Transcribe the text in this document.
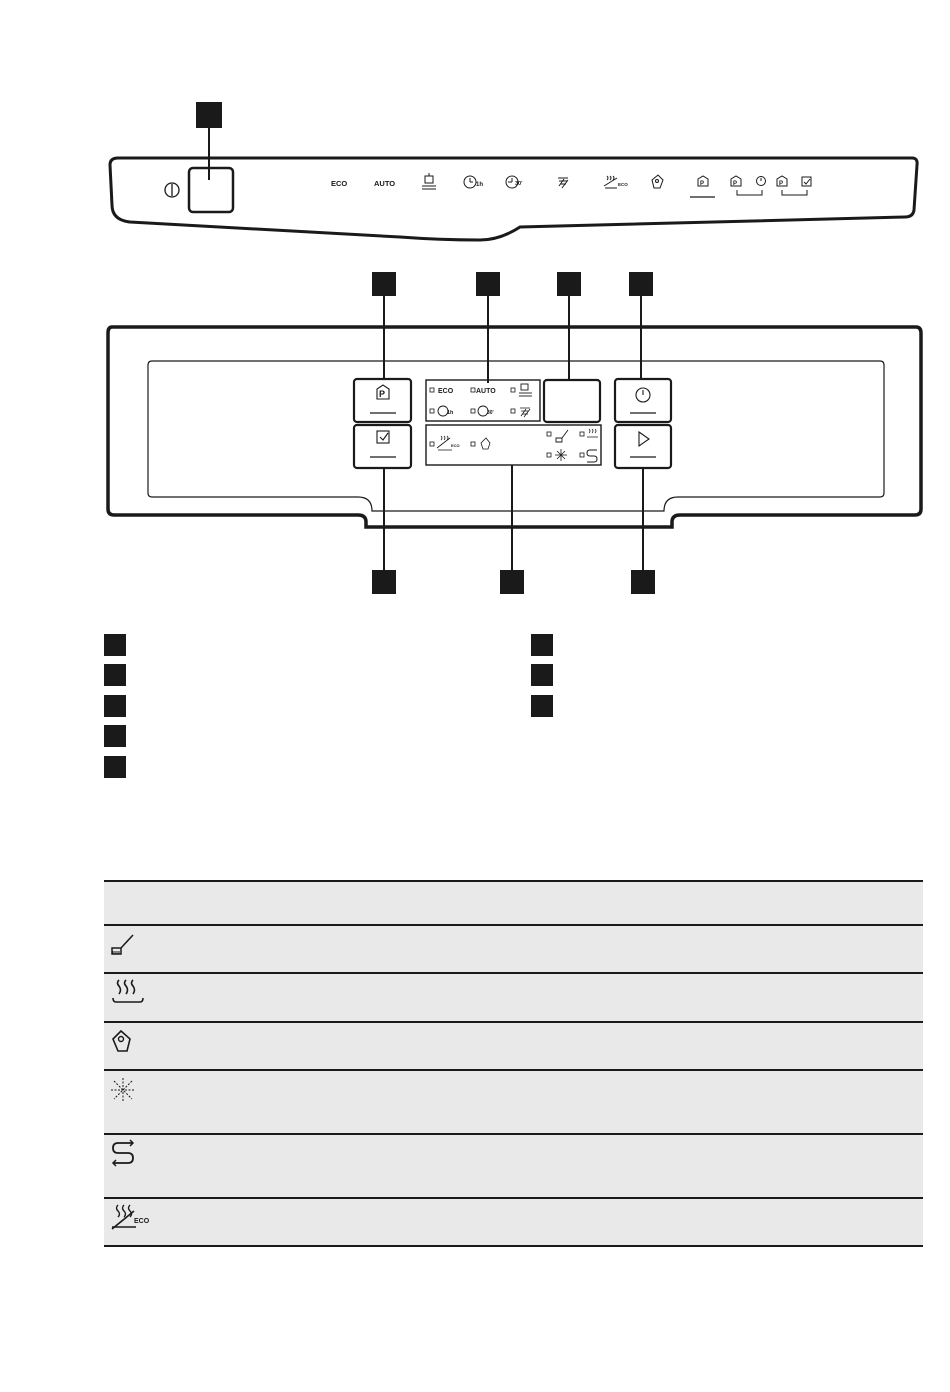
ECO	AUTO	1h	30'	ECO	P	P	P
P	ECO	AUTO
1h	30'
ECO

ECO	
